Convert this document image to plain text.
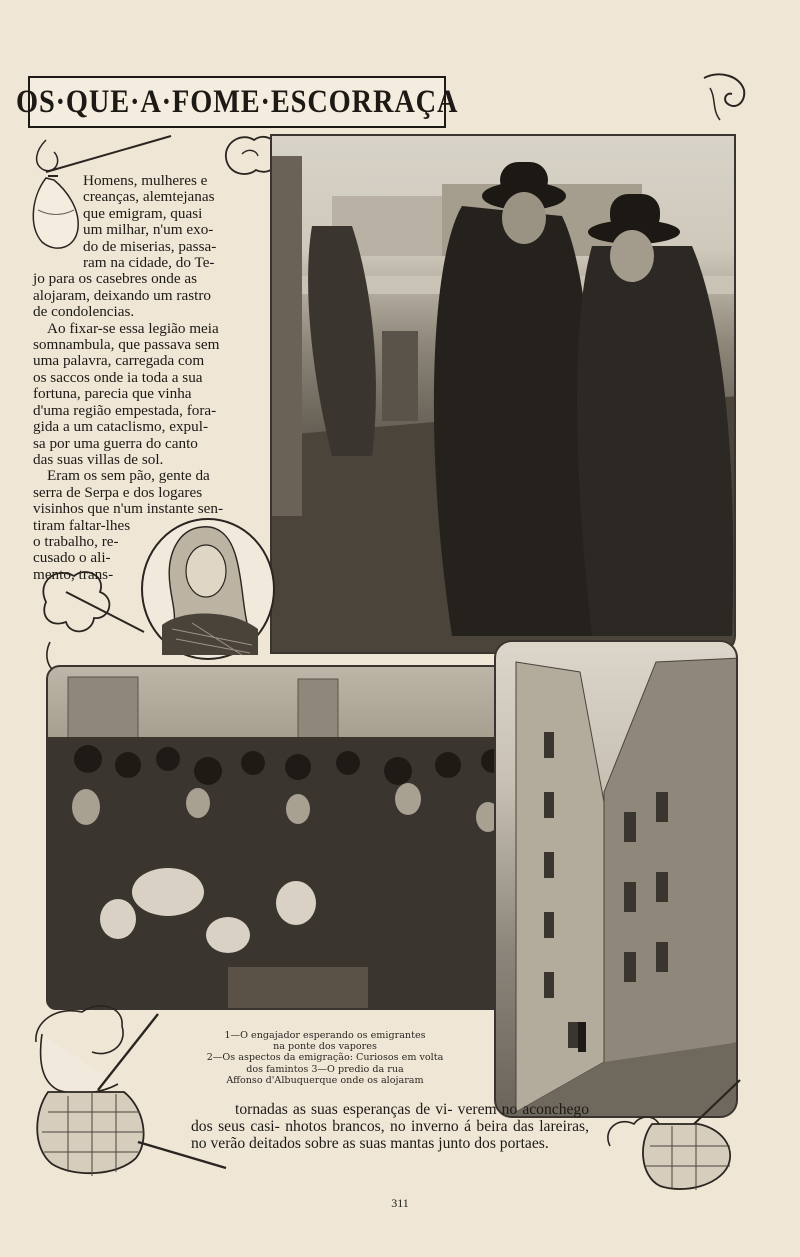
OS·QUE·A·FOME·ESCORRAÇA
Homens, mulheres e
creanças, alemtejanas
que emigram, quasi
um milhar, n'um exo-
do de miserias, passa-
ram na cidade, do Te-
jo para os casebres onde as
alojaram, deixando um rastro
de condolencias.
Ao fixar-se essa legião meia
somnambula, que passava sem
uma palavra, carregada com
os saccos onde ia toda a sua
fortuna, parecia que vinha
d'uma região empestada, fora-
gida a um cataclismo, expul-
sa por uma guerra do canto
das suas villas de sol.
Eram os sem pão, gente da
serra de Serpa e dos logares
visinhos que n'um instante sen-
tiram faltar-lhes
o trabalho, re-
cusado o ali-
mento, trans-
1—O engajador esperando os emigrantes
na ponte dos vapores
2—Os aspectos da emigração: Curiosos em volta
dos famintos 3—O predio da rua
Affonso d'Albuquerque onde os alojaram
tornadas as suas esperanças de vi- verem no aconchego dos seus casi- nhotos brancos, no inverno á beira das lareiras, no verão deitados sobre as suas mantas junto dos portaes.
311
